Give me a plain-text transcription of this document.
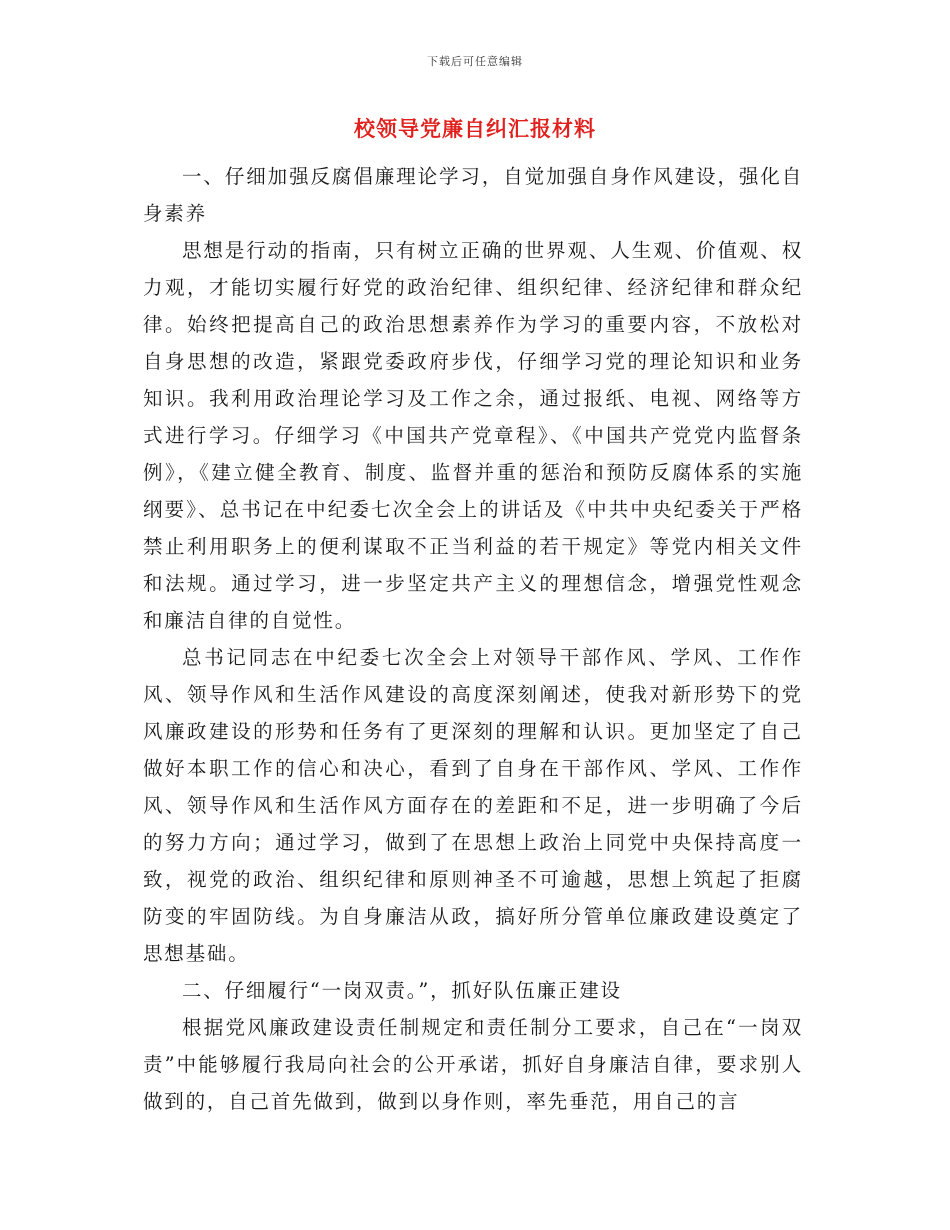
下载后可任意编辑
校领导党廉自纠汇报材料

一、仔细加强反腐倡廉理论学习，自觉加强自身作风建设，强化自身素养

思想是行动的指南，只有树立正确的世界观、人生观、价值观、权力观，才能切实履行好党的政治纪律、组织纪律、经济纪律和群众纪律。始终把提高自己的政治思想素养作为学习的重要内容，不放松对自身思想的改造，紧跟党委政府步伐，仔细学习党的理论知识和业务知识。我利用政治理论学习及工作之余，通过报纸、电视、网络等方式进行学习。仔细学习《中国共产党章程》、《中国共产党党内监督条例》，《建立健全教育、制度、监督并重的惩治和预防反腐体系的实施纲要》、总书记在中纪委七次全会上的讲话及《中共中央纪委关于严格禁止利用职务上的便利谋取不正当利益的若干规定》等党内相关文件和法规。通过学习，进一步坚定共产主义的理想信念，增强党性观念和廉洁自律的自觉性。

总书记同志在中纪委七次全会上对领导干部作风、学风、工作作风、领导作风和生活作风建设的高度深刻阐述，使我对新形势下的党风廉政建设的形势和任务有了更深刻的理解和认识。更加坚定了自己做好本职工作的信心和决心，看到了自身在干部作风、学风、工作作风、领导作风和生活作风方面存在的差距和不足，进一步明确了今后的努力方向；通过学习，做到了在思想上政治上同党中央保持高度一致，视党的政治、组织纪律和原则神圣不可逾越，思想上筑起了拒腐防变的牢固防线。为自身廉洁从政，搞好所分管单位廉政建设奠定了思想基础。

二、仔细履行“一岗双责。”，抓好队伍廉正建设

根据党风廉政建设责任制规定和责任制分工要求，自己在“一岗双责”中能够履行我局向社会的公开承诺，抓好自身廉洁自律，要求别人做到的，自己首先做到，做到以身作则，率先垂范，用自己的言
